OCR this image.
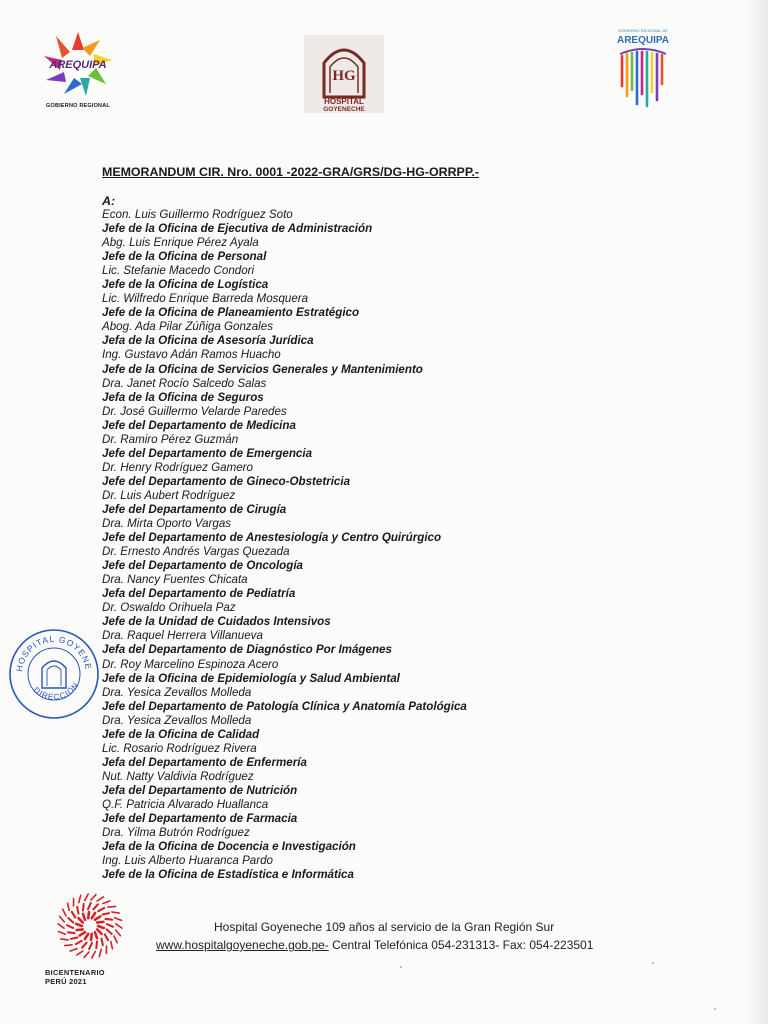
AREQUIPA
GOBIERNO REGIONAL
HG
HOSPITAL
GOYENECHE
GOBIERNO REGIONAL DE
AREQUIPA
MEMORANDUM CIR. Nro. 0001 -2022-GRA/GRS/DG-HG-ORRPP.-
A:
Econ. Luis Guillermo Rodríguez Soto
Jefe de la Oficina de Ejecutiva de Administración
Abg. Luis Enrique Pérez Ayala
Jefe de la Oficina de Personal
Lic. Stefanie Macedo Condori
Jefe de la Oficina de Logística
Lic. Wilfredo Enrique Barreda Mosquera
Jefe de la Oficina de Planeamiento Estratégico
Abog. Ada Pilar Zúñiga Gonzales
Jefa de la Oficina de Asesoría Jurídica
Ing. Gustavo Adán Ramos Huacho
Jefe de la Oficina de Servicios Generales y Mantenimiento
Dra. Janet Rocío Salcedo Salas
Jefa de la Oficina de Seguros
Dr. José Guillermo Velarde Paredes
Jefe del Departamento de Medicina
Dr. Ramiro Pérez Guzmán
Jefe del Departamento de Emergencia
Dr. Henry Rodríguez Gamero
Jefe del Departamento de Gineco-Obstetricia
Dr. Luis Aubert Rodríguez
Jefe del Departamento de Cirugía
Dra. Mirta Oporto Vargas
Jefe del Departamento de Anestesiología y Centro Quirúrgico
Dr. Ernesto Andrés Vargas Quezada
Jefe del Departamento de Oncología
Dra. Nancy Fuentes Chicata
Jefa del Departamento de Pediatría
Dr. Oswaldo Orihuela Paz
Jefe de la Unidad de Cuidados Intensivos
Dra. Raquel Herrera Villanueva
Jefa del Departamento de Diagnóstico Por Imágenes
Dr. Roy Marcelino Espinoza Acero
Jefe de la Oficina de Epidemiología y Salud Ambiental
Dra. Yesica Zevallos Molleda
Jefe del Departamento de Patología Clínica y Anatomía Patológica
Dra. Yesica Zevallos Molleda
Jefe de la Oficina de Calidad
Lic. Rosario Rodríguez Rivera
Jefa del Departamento de Enfermería
Nut. Natty Valdivia Rodríguez
Jefa del Departamento de Nutrición
Q.F. Patricia Alvarado Huallanca
Jefe del Departamento de Farmacia
Dra. Yilma Butrón Rodríguez
Jefa de la Oficina de Docencia e Investigación
Ing. Luis Alberto Huaranca Pardo
Jefe de la Oficina de Estadística e Informática
HOSPITAL GOYENE
DIRECCIÓN
BICENTENARIO
PERÚ 2021
Hospital Goyeneche 109 años al servicio de la Gran Región Sur
www.hospitalgoyeneche.gob.pe- Central Telefónica 054-231313- Fax: 054-223501
